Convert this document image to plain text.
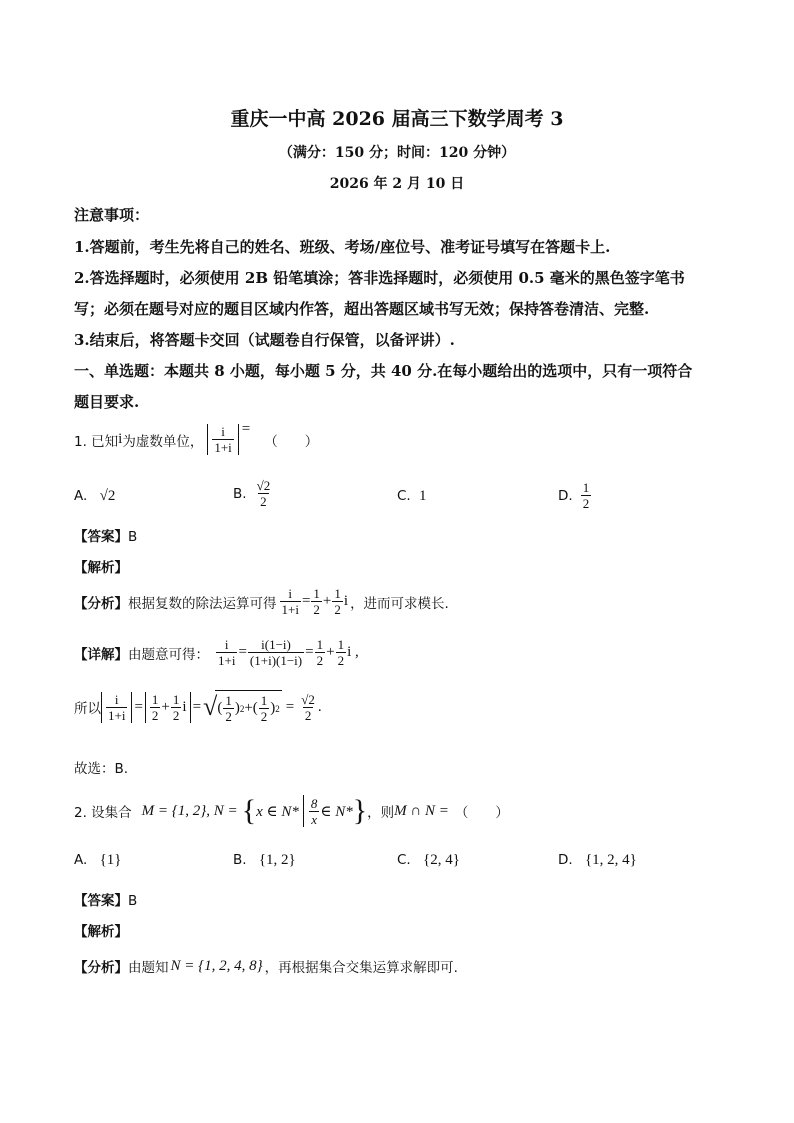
重庆一中高 2026 届高三下数学周考 3
（满分：150 分；时间：120 分钟）
2026 年 2 月 10 日
注意事项：
1.答题前，考生先将自己的姓名、班级、考场/座位号、准考证号填写在答题卡上.
2.答选择题时，必须使用 2B 铅笔填涂；答非选择题时，必须使用 0.5 毫米的黑色签字笔书
写；必须在题号对应的题目区域内作答，超出答题区域书写无效；保持答卷清洁、完整.
3.结束后，将答题卡交回（试题卷自行保管，以备评讲）.
一、单选题：本题共 8 小题，每小题 5 分，共 40 分.在每小题给出的选项中，只有一项符合
题目要求.
1. 已知 i 为虚数单位， $\frac{i}{1+i}$ =
（　　）
A. √2	B. $\frac{√2}{2}$	C. 1	D. $\frac{1}{2}$
【答案】B
【解析】
【分析】 根据复数的除法运算可得 $\frac{i}{1+i} = \frac{1}{2} + \frac{1}{2}$ i ，进而可求模长.
【详解】 由题意可得： $\frac{i}{1+i} = \frac{i(1-i)}{(1+i)(1-i)} = \frac{1}{2} + \frac{1}{2}$ i ,
所以 $\frac{i}{1+i} = \frac{1}{2} + \frac{1}{2}$ i = √ ( $\frac{1}{2}$ ) 2 +( $\frac{1}{2}$ ) $2 = \frac{√2}{2}$ .
故选：B.
2. 设集合 M = {1, 2} , N = { x ∈ $N* \frac{8}{x}$ ∈ N* } ，则 M ∩ N = （　　）
A. {1}	B. {1, 2}	C. {2, 4}	D. {1, 2, 4}
【答案】B
【解析】
【分析】 由题知 N = {1, 2, 4, 8} ，再根据集合交集运算求解即可.
